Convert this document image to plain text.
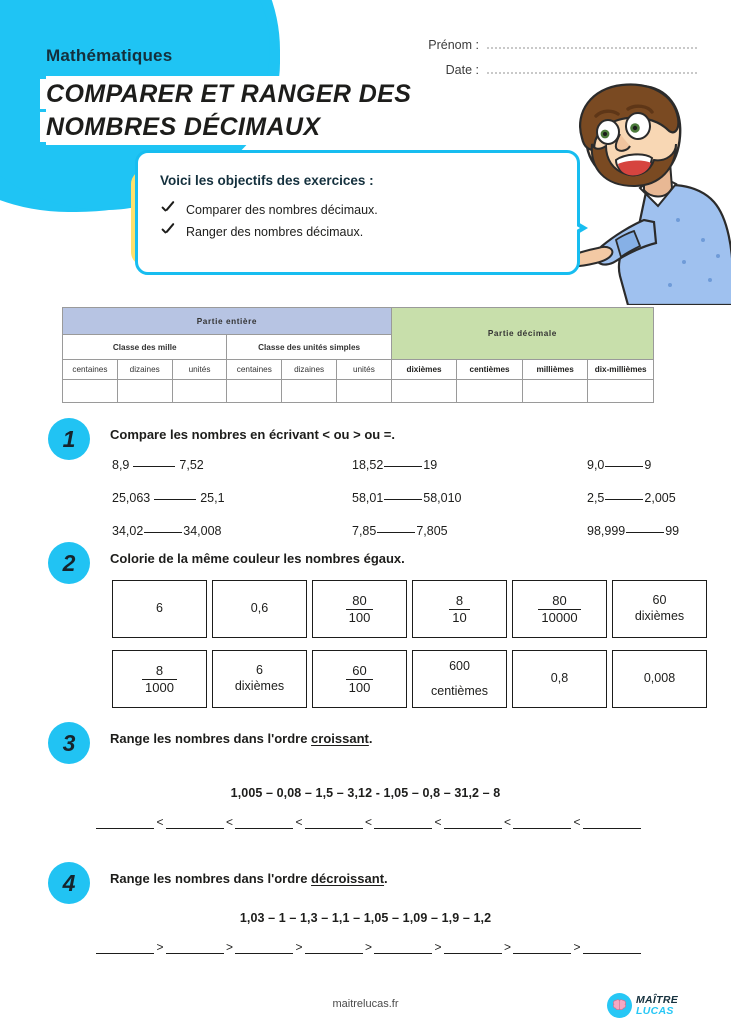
Mathématiques
COMPARER ET RANGER DES
NOMBRES DÉCIMAUX
Prénom :
Date :
Voici les objectifs des exercices :
Comparer des nombres décimaux.
Ranger des nombres décimaux.
Partie entière						Partie décimale			
Classe des mille			Classe des unités simples						
centaines	dizaines	unités	centaines	dizaines	unités	dixièmes	centièmes	millièmes	dix-millièmes

1	Compare les nombres en écrivant < ou > ou =.
8,9	7,52	18,52	19	9,0	9
25,063	25,1	58,01	58,010	2,5	2,005
34,02	34,008	7,85	7,805	98,999	99
2	Colorie de la même couleur les nombres égaux.
6	0,6	$\frac{80}{100}$	$\frac{8}{10}$	$\frac{80}{10000}$	60
dixièmes
$\frac{8}{1000}$	6
dixièmes	$\frac{60}{100}$	600
centièmes
0,8	0,008
3	Range les nombres dans l'ordre croissant.
1,005 – 0,08 – 1,5 – 3,12 - 1,05 – 0,8 – 31,2 – 8
<	<	<	<	<	<	<
4	Range les nombres dans l'ordre décroissant.
1,03 – 1 – 1,3 – 1,1 – 1,05 – 1,09 – 1,9 – 1,2
>	>	>	>	>	>	>
maitrelucas.fr	MAÎTRE
LUCAS
